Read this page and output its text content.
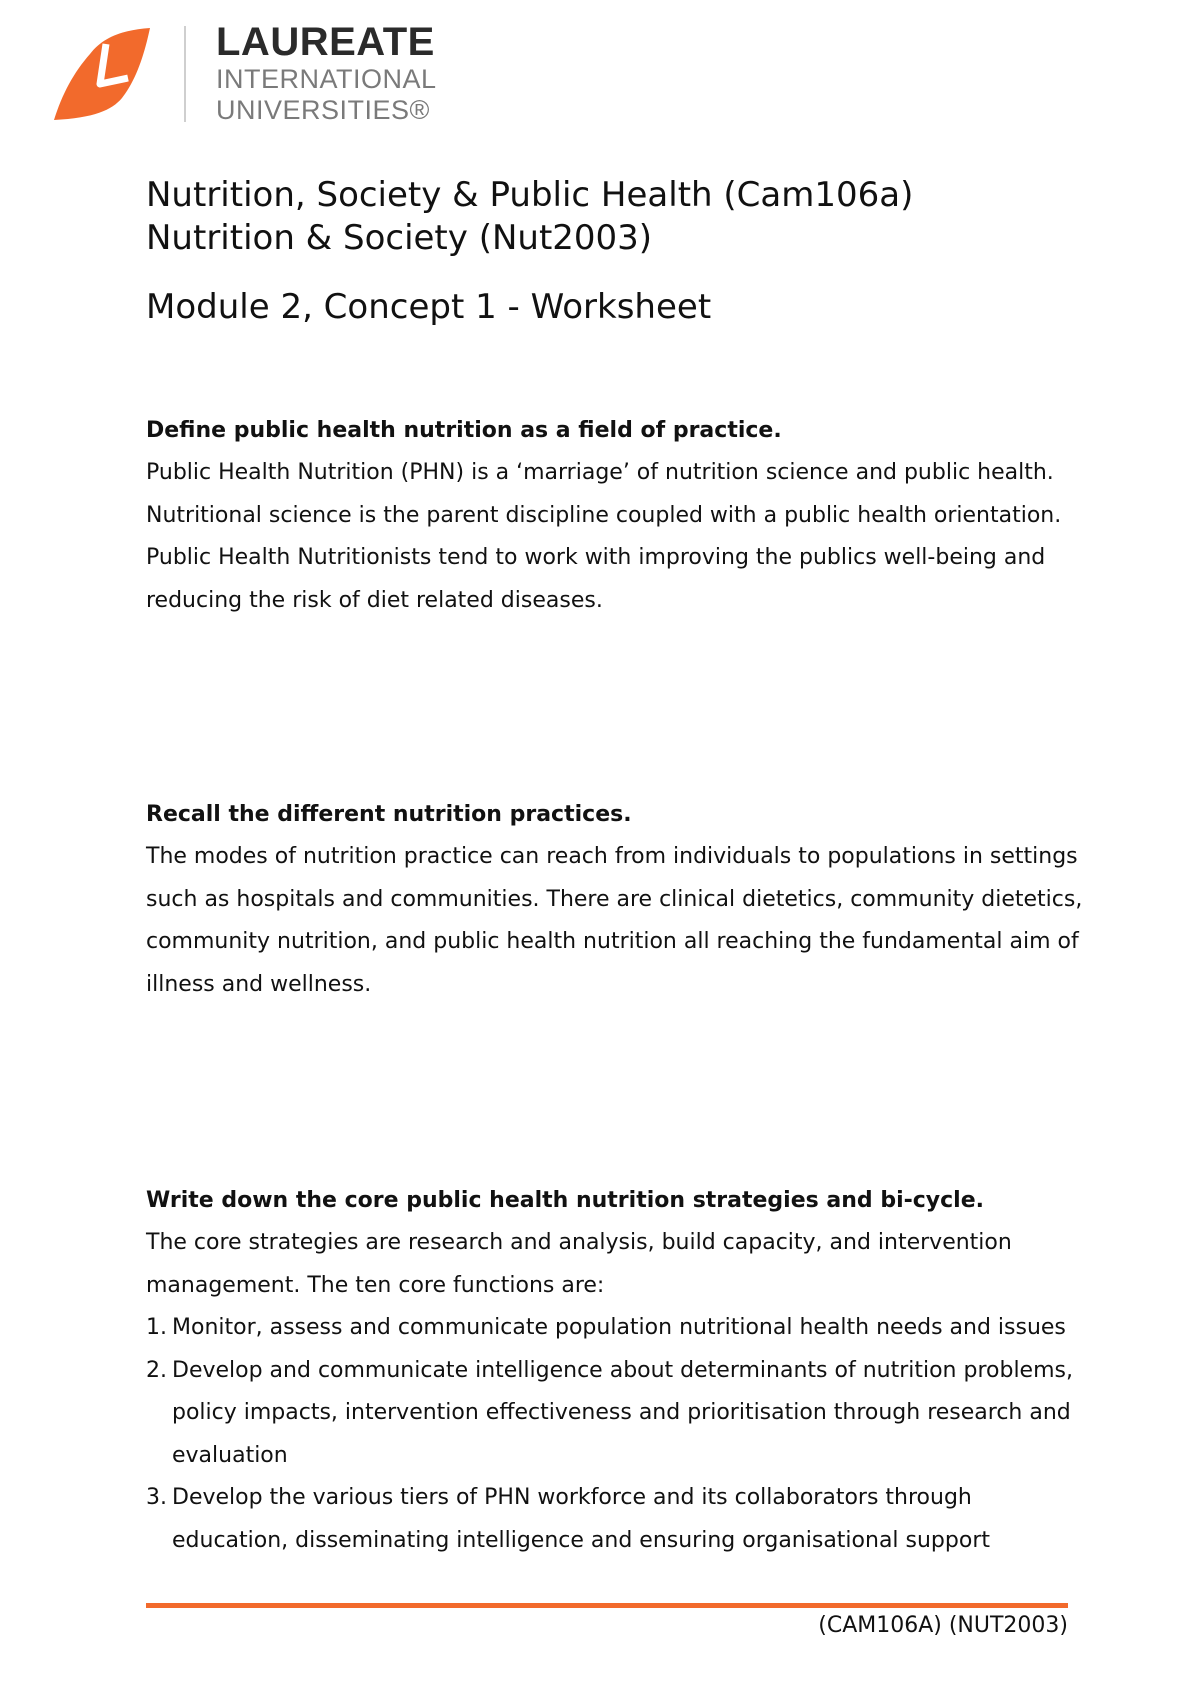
LAUREATE
INTERNATIONAL
UNIVERSITIES®
Nutrition, Society & Public Health (Cam106a)
Nutrition & Society (Nut2003)
Module 2, Concept 1 - Worksheet
Define public health nutrition as a field of practice.
Public Health Nutrition (PHN) is a ‘marriage’ of nutrition science and public health. Nutritional science is the parent discipline coupled with a public health orientation. Public Health Nutritionists tend to work with improving the publics well-being and reducing the risk of diet related diseases.
Recall the different nutrition practices.
The modes of nutrition practice can reach from individuals to populations in settings such as hospitals and communities. There are clinical dietetics, community dietetics, community nutrition, and public health nutrition all reaching the fundamental aim of illness and wellness.
Write down the core public health nutrition strategies and bi-cycle.
The core strategies are research and analysis, build capacity, and intervention management. The ten core functions are:
1. Monitor, assess and communicate population nutritional health needs and issues
2. Develop and communicate intelligence about determinants of nutrition problems, policy impacts, intervention effectiveness and prioritisation through research and evaluation
3. Develop the various tiers of PHN workforce and its collaborators through education, disseminating intelligence and ensuring organisational support
(CAM106A) (NUT2003)
